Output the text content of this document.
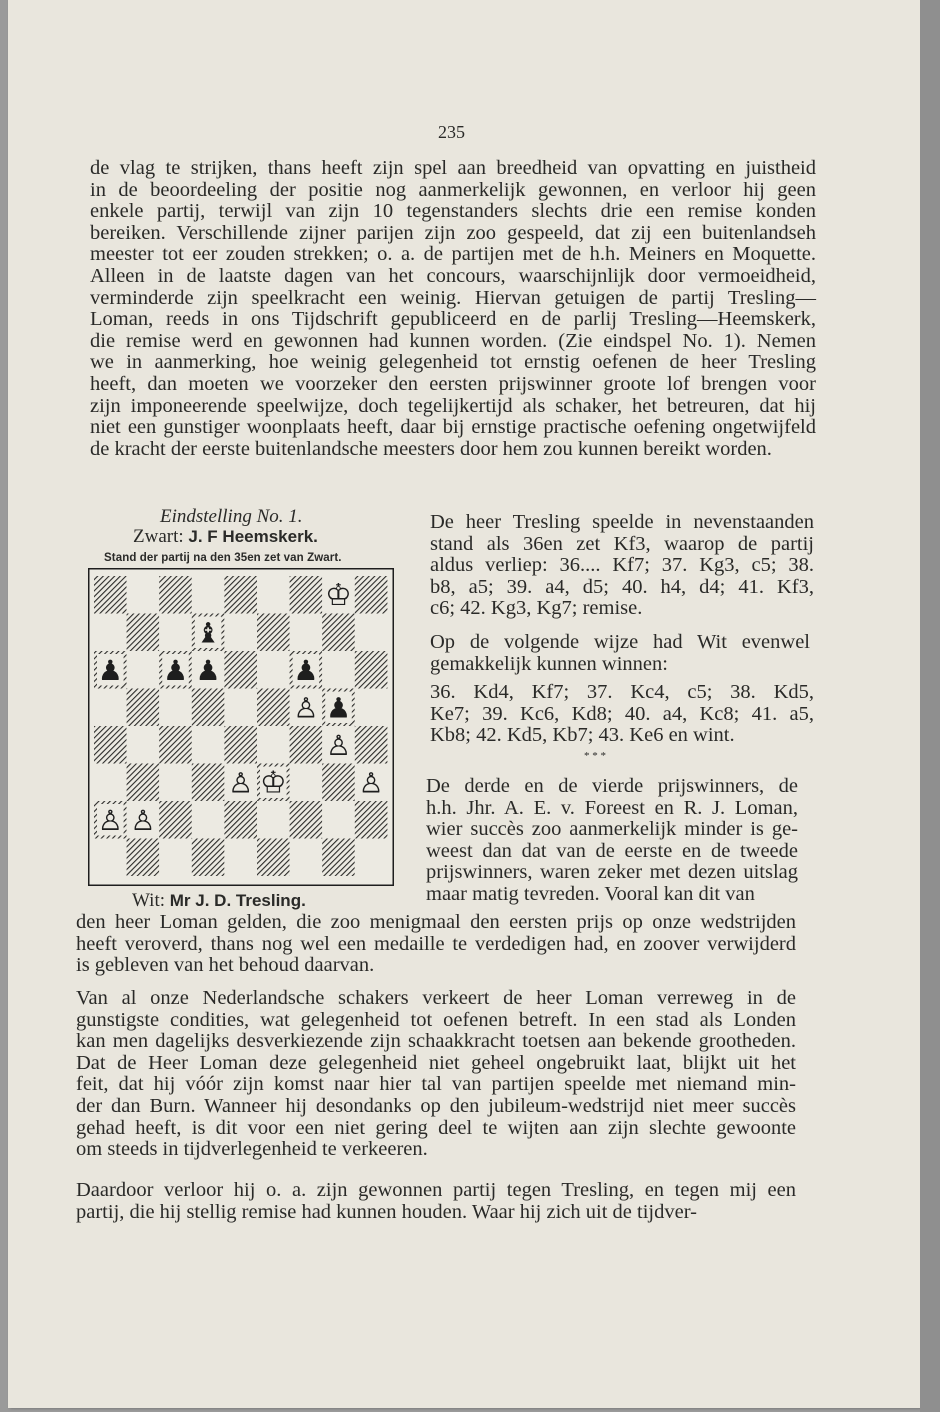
235
de vlag te strijken, thans heeft zijn spel aan breedheid van opvatting en juistheid
in de beoordeeling der positie nog aanmerkelijk gewonnen, en verloor hij geen
enkele partij, terwijl van zijn 10 tegenstanders slechts drie een remise konden
bereiken. Verschillende zijner parijen zijn zoo gespeeld, dat zij een buitenlandseh
meester tot eer zouden strekken; o. a. de partijen met de h.h. Meiners en Moquette.
Alleen in de laatste dagen van het concours, waarschijnlijk door vermoeidheid,
verminderde zijn speelkracht een weinig. Hiervan getuigen de partij Tresling—
Loman, reeds in ons Tijdschrift gepubliceerd en de parlij Tresling—Heemskerk,
die remise werd en gewonnen had kunnen worden. (Zie eindspel No. 1). Nemen
we in aanmerking, hoe weinig gelegenheid tot ernstig oefenen de heer Tresling
heeft, dan moeten we voorzeker den eersten prijswinner groote lof brengen voor
zijn imponeerende speelwijze, doch tegelijkertijd als schaker, het betreuren, dat hij
niet een gunstiger woonplaats heeft, daar bij ernstige practische oefening ongetwijfeld
de kracht der eerste buitenlandsche meesters door hem zou kunnen bereikt worden.
Eindstelling No. 1.
Zwart: J. F Heemskerk.
Stand der partij na den 35en zet van Zwart.
♔
♝
♟ ♟ ♟	♟
♙ ♟
♙
♙ ♔	♙
♙ ♙
Wit: Mr J. D. Tresling.
De heer Tresling speelde in nevenstaanden
stand als 36en zet Kf3, waarop de partij
aldus verliep: 36.... Kf7; 37. Kg3, c5; 38.
b8, a5; 39. a4, d5; 40. h4, d4; 41. Kf3,
c6; 42. Kg3, Kg7; remise.
Op de volgende wijze had Wit evenwel
gemakkelijk kunnen winnen:
36. Kd4, Kf7; 37. Kc4, c5; 38. Kd5,
Ke7; 39. Kc6, Kd8; 40. a4, Kc8; 41. a5,
Kb8; 42. Kd5, Kb7; 43. Ke6 en wint.
* * *
De derde en de vierde prijswinners, de
h.h. Jhr. A. E. v. Foreest en R. J. Loman,
wier succès zoo aanmerkelijk minder is ge-
weest dan dat van de eerste en de tweede
prijswinners, waren zeker met dezen uitslag
maar matig tevreden. Vooral kan dit van
den heer Loman gelden, die zoo menigmaal den eersten prijs op onze wedstrijden
heeft veroverd, thans nog wel een medaille te verdedigen had, en zoover verwijderd
is gebleven van het behoud daarvan.
Van al onze Nederlandsche schakers verkeert de heer Loman verreweg in de
gunstigste condities, wat gelegenheid tot oefenen betreft. In een stad als Londen
kan men dagelijks desverkiezende zijn schaakkracht toetsen aan bekende grootheden.
Dat de Heer Loman deze gelegenheid niet geheel ongebruikt laat, blijkt uit het
feit, dat hij vóór zijn komst naar hier tal van partijen speelde met niemand min-
der dan Burn. Wanneer hij desondanks op den jubileum-wedstrijd niet meer succès
gehad heeft, is dit voor een niet gering deel te wijten aan zijn slechte gewoonte
om steeds in tijdverlegenheid te verkeeren.
Daardoor verloor hij o. a. zijn gewonnen partij tegen Tresling, en tegen mij een
partij, die hij stellig remise had kunnen houden. Waar hij zich uit de tijdver-
